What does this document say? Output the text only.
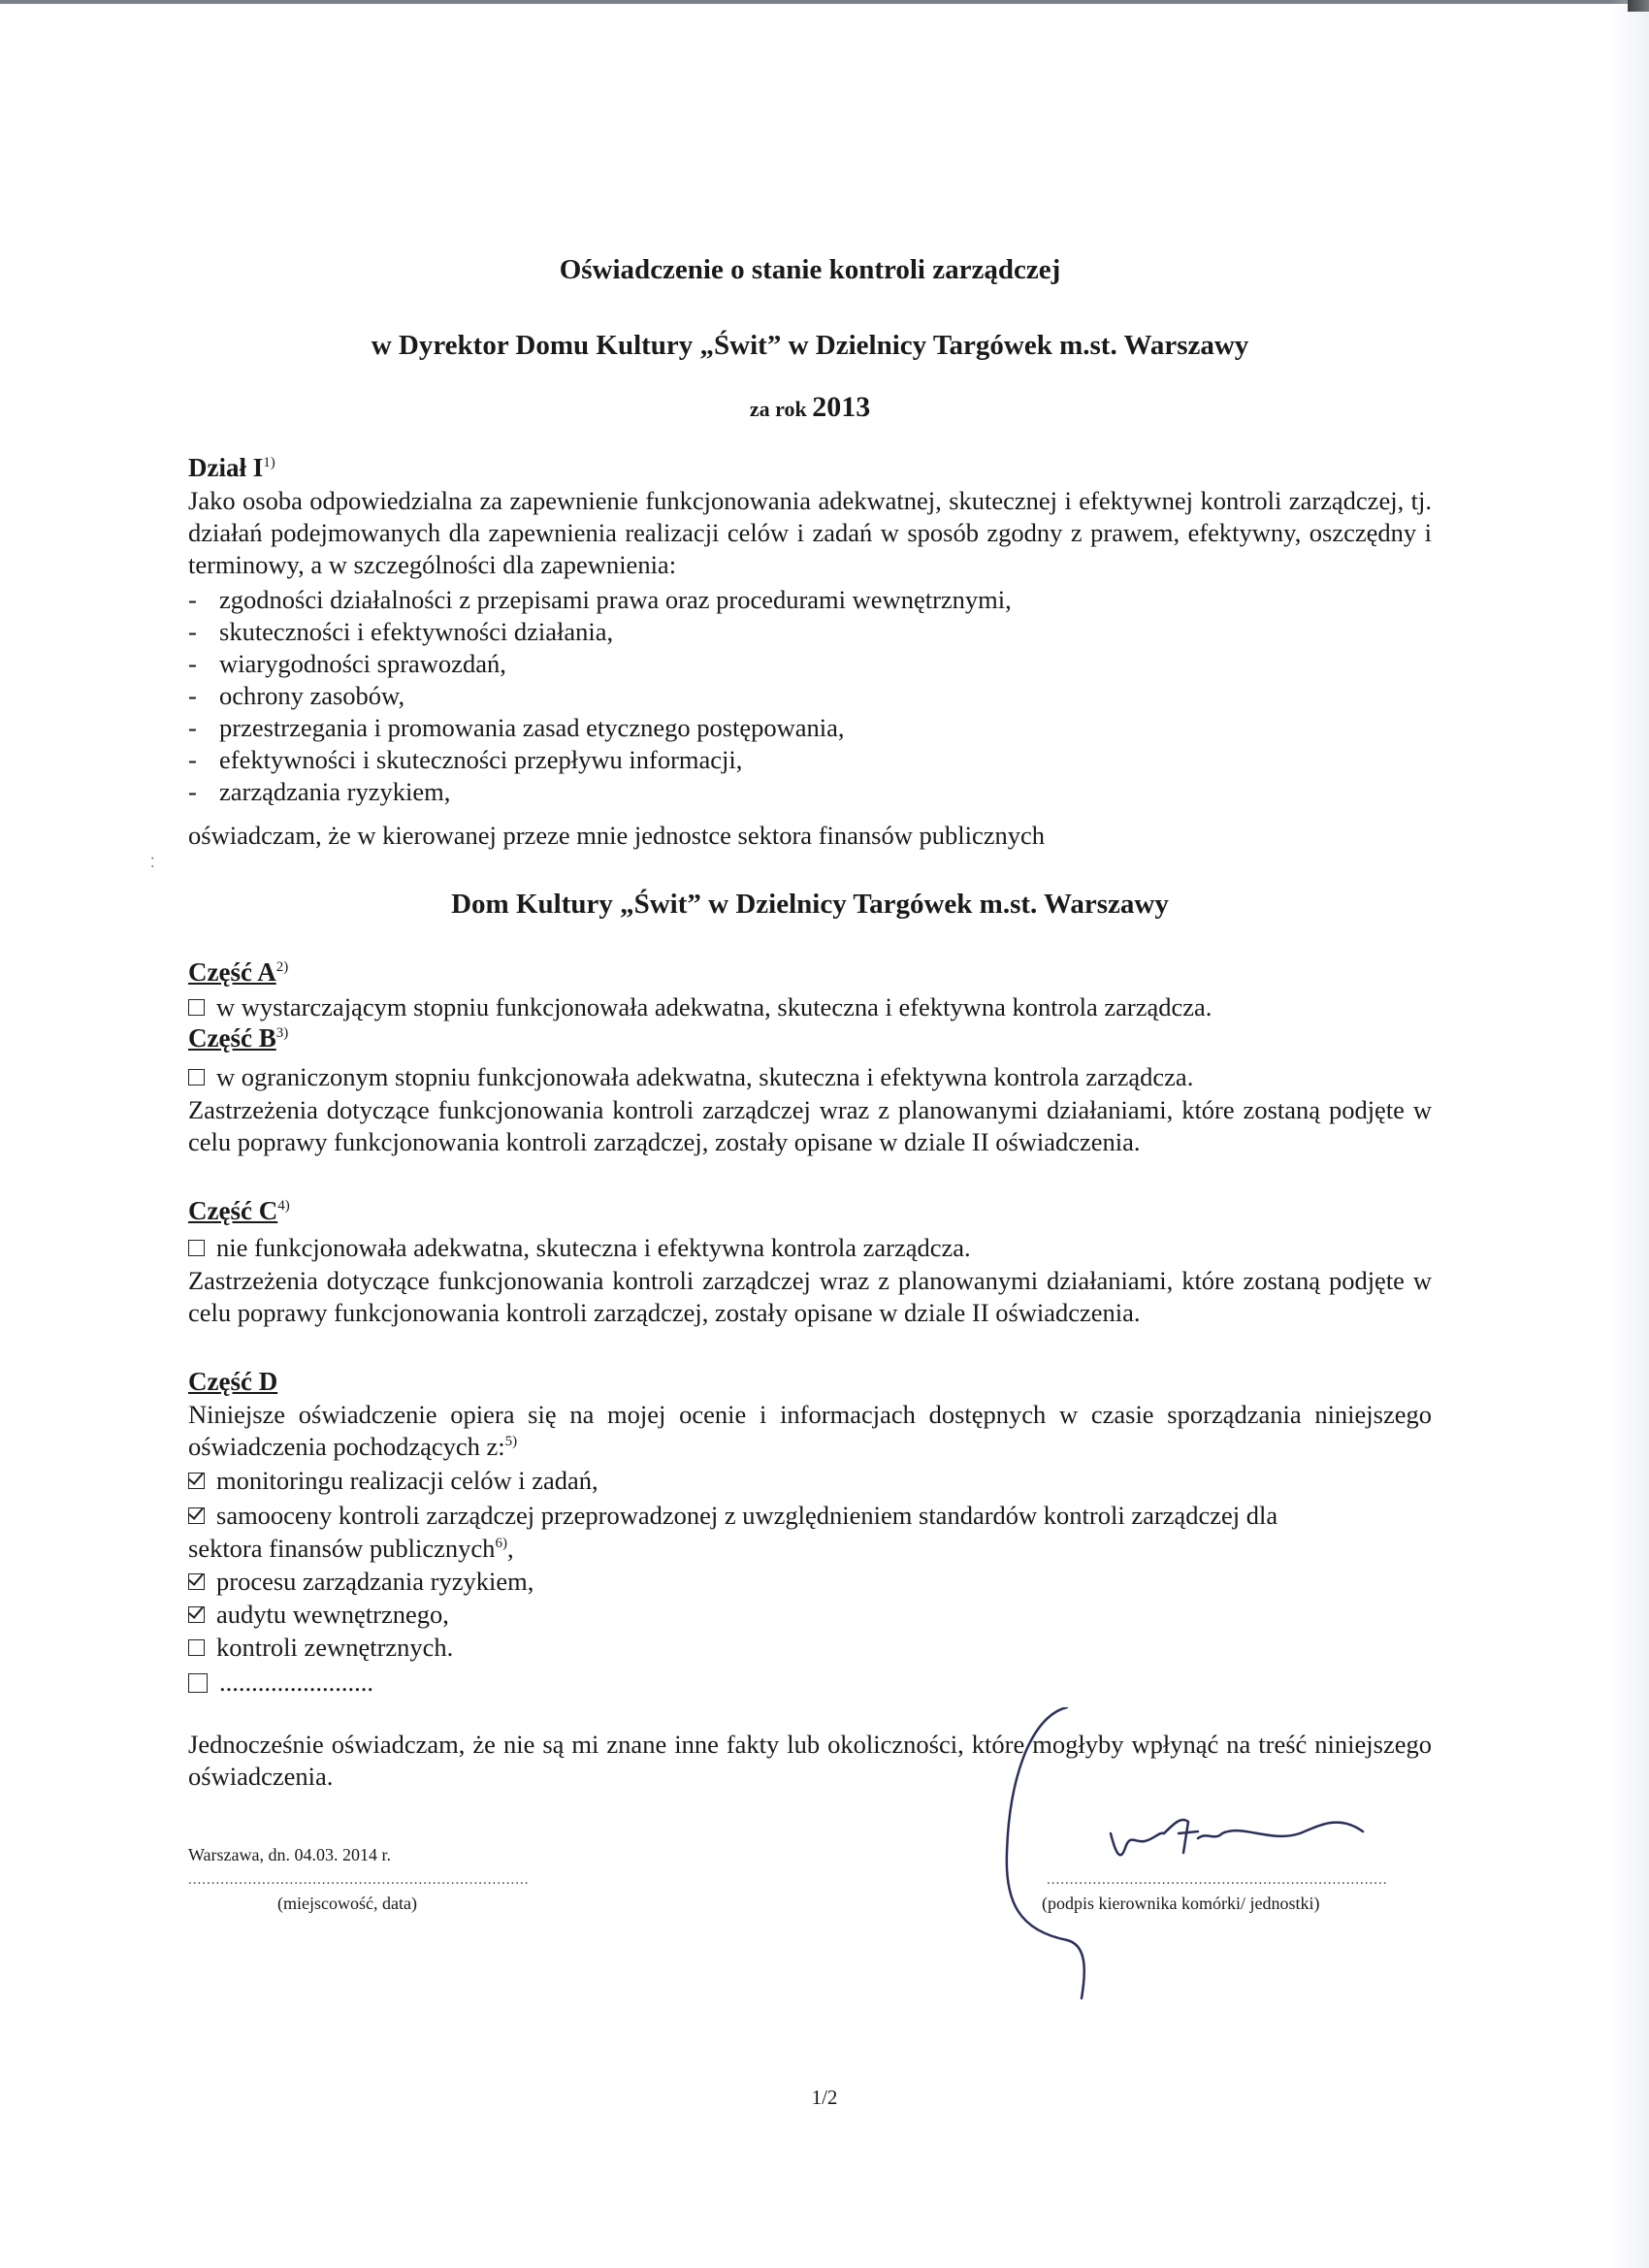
⁚
Oświadczenie o stanie kontroli zarządczej
w Dyrektor Domu Kultury „Świt” w Dzielnicy Targówek m.st. Warszawy
za rok 2013
Dział $I^{1)}$

Jako osoba odpowiedzialna za zapewnienie funkcjonowania adekwatnej, skutecznej i efektywnej kontroli zarządczej, tj. działań podejmowanych dla zapewnienia realizacji celów i zadań w sposób zgodny z prawem, efektywny, oszczędny i terminowy, a w szczególności dla zapewnienia:

- zgodności działalności z przepisami prawa oraz procedurami wewnętrznymi,
- skuteczności i efektywności działania,
- wiarygodności sprawozdań,
- ochrony zasobów,
- przestrzegania i promowania zasad etycznego postępowania,
- efektywności i skuteczności przepływu informacji,
- zarządzania ryzykiem,

oświadczam, że w kierowanej przeze mnie jednostce sektora finansów publicznych

Dom Kultury „Świt” w Dzielnicy Targówek m.st. Warszawy
Część $A^{2)}$
w wystarczającym stopniu funkcjonowała adekwatna, skuteczna i efektywna kontrola zarządcza.
Część $B^{3)}$
w ograniczonym stopniu funkcjonowała adekwatna, skuteczna i efektywna kontrola zarządcza.

Zastrzeżenia dotyczące funkcjonowania kontroli zarządczej wraz z planowanymi działaniami, które zostaną podjęte w celu poprawy funkcjonowania kontroli zarządczej, zostały opisane w dziale II oświadczenia.

Część $C^{4)}$
nie funkcjonowała adekwatna, skuteczna i efektywna kontrola zarządcza.

Zastrzeżenia dotyczące funkcjonowania kontroli zarządczej wraz z planowanymi działaniami, które zostaną podjęte w celu poprawy funkcjonowania kontroli zarządczej, zostały opisane w dziale II oświadczenia.

Część D

Niniejsze oświadczenie opiera się na mojej ocenie i informacjach dostępnych w czasie sporządzania niniejszego oświadczenia pochodzących z:$^{5)}$

monitoringu realizacji celów i zadań,
samooceny kontroli zarządczej przeprowadzonej z uwzględnieniem standardów kontroli zarządczej dla
sektora finansów publicznych$^{6)}$,
procesu zarządzania ryzykiem,
audytu wewnętrznego,
kontroli zewnętrznych.
........................

Jednocześnie oświadczam, że nie są mi znane inne fakty lub okoliczności, które mogłyby wpłynąć na treść niniejszego oświadczenia.

Warszawa, dn. 04.03. 2014 r.
..........................................................................
(miejscowość, data)
..........................................................................
(podpis kierownika komórki/ jednostki)
1/2
